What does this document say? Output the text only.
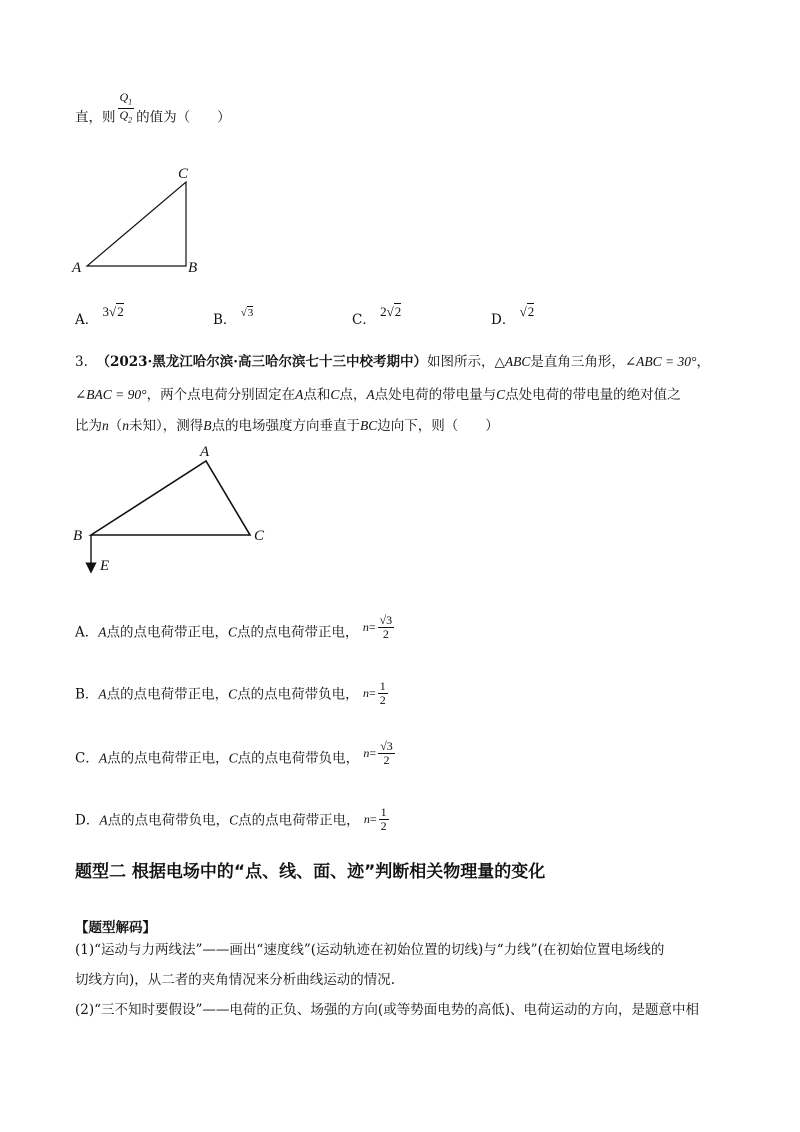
直，则 $\frac{Q_1}{Q_2}$ 的值为（　　）
A	B
C
A． 3√2
B． $^{√3}$	C． 2√2
D． √2
3. （2023·黑龙江哈尔滨·高三哈尔滨七十三中校考期中）如图所示，△ABC是直角三角形，∠ABC = 30°，
∠BAC = 90°，两个点电荷分别固定在A点和C点，A点处电荷的带电量与C点处电荷的带电量的绝对值之
比为n（n未知），测得B点的电场强度方向垂直于BC边向下，则（　　）
A
B	C
E
A．A点的点电荷带正电，C点的点电荷带正电， $n= \frac{√3}{2}$
B．A点的点电荷带正电，C点的点电荷带负电， $n= \frac{1}{2}$
C．A点的点电荷带正电，C点的点电荷带负电， $n= \frac{√3}{2}$
D．A点的点电荷带负电，C点的点电荷带正电， $n= \frac{1}{2}$
题型二 根据电场中的“点、线、面、迹”判断相关物理量的变化
【题型解码】
(1)“运动与力两线法”——画出“速度线”(运动轨迹在初始位置的切线)与“力线”(在初始位置电场线的
切线方向)，从二者的夹角情况来分析曲线运动的情况.
(2)“三不知时要假设”——电荷的正负、场强的方向(或等势面电势的高低)、电荷运动的方向，是题意中相
